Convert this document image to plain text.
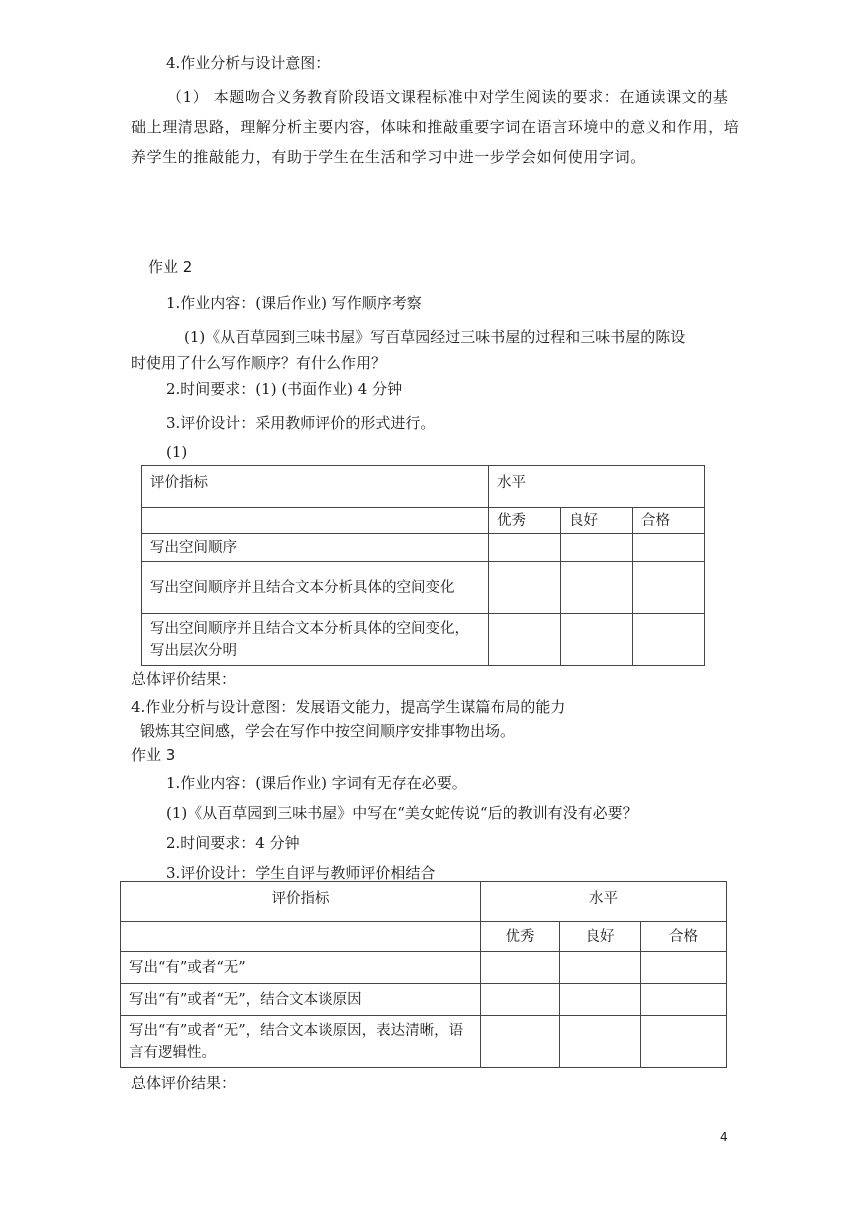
4.作业分析与设计意图：
（1） 本题吻合义务教育阶段语文课程标准中对学生阅读的要求：在通读课文的基础上理清思路，理解分析主要内容，体味和推敲重要字词在语言环境中的意义和作用，培养学生的推敲能力，有助于学生在生活和学习中进一步学会如何使用字词。
作业 2
1.作业内容：(课后作业) 写作顺序考察
(1)《从百草园到三味书屋》写百草园经过三味书屋的过程和三味书屋的陈设
时使用了什么写作顺序？有什么作用？
2.时间要求：(1) (书面作业) 4 分钟
3.评价设计：采用教师评价的形式进行。
(1)
评价指标	水平		
	优秀	良好	合格
写出空间顺序			
写出空间顺序并且结合文本分析具体的空间变化			
写出空间顺序并且结合文本分析具体的空间变化，写出层次分明			
总体评价结果：
4.作业分析与设计意图：发展语文能力，提高学生谋篇布局的能力
锻炼其空间感，学会在写作中按空间顺序安排事物出场。
作业 3
1.作业内容：(课后作业) 字词有无存在必要。
(1)《从百草园到三味书屋》中写在“美女蛇传说“后的教训有没有必要？
2.时间要求：4 分钟
3.评价设计：学生自评与教师评价相结合
评价指标	水平		
	优秀	良好	合格
写出“有”或者“无”			
写出“有”或者“无”，结合文本谈原因			
写出“有”或者“无”，结合文本谈原因，表达清晰，语言有逻辑性。			
总体评价结果：
4
